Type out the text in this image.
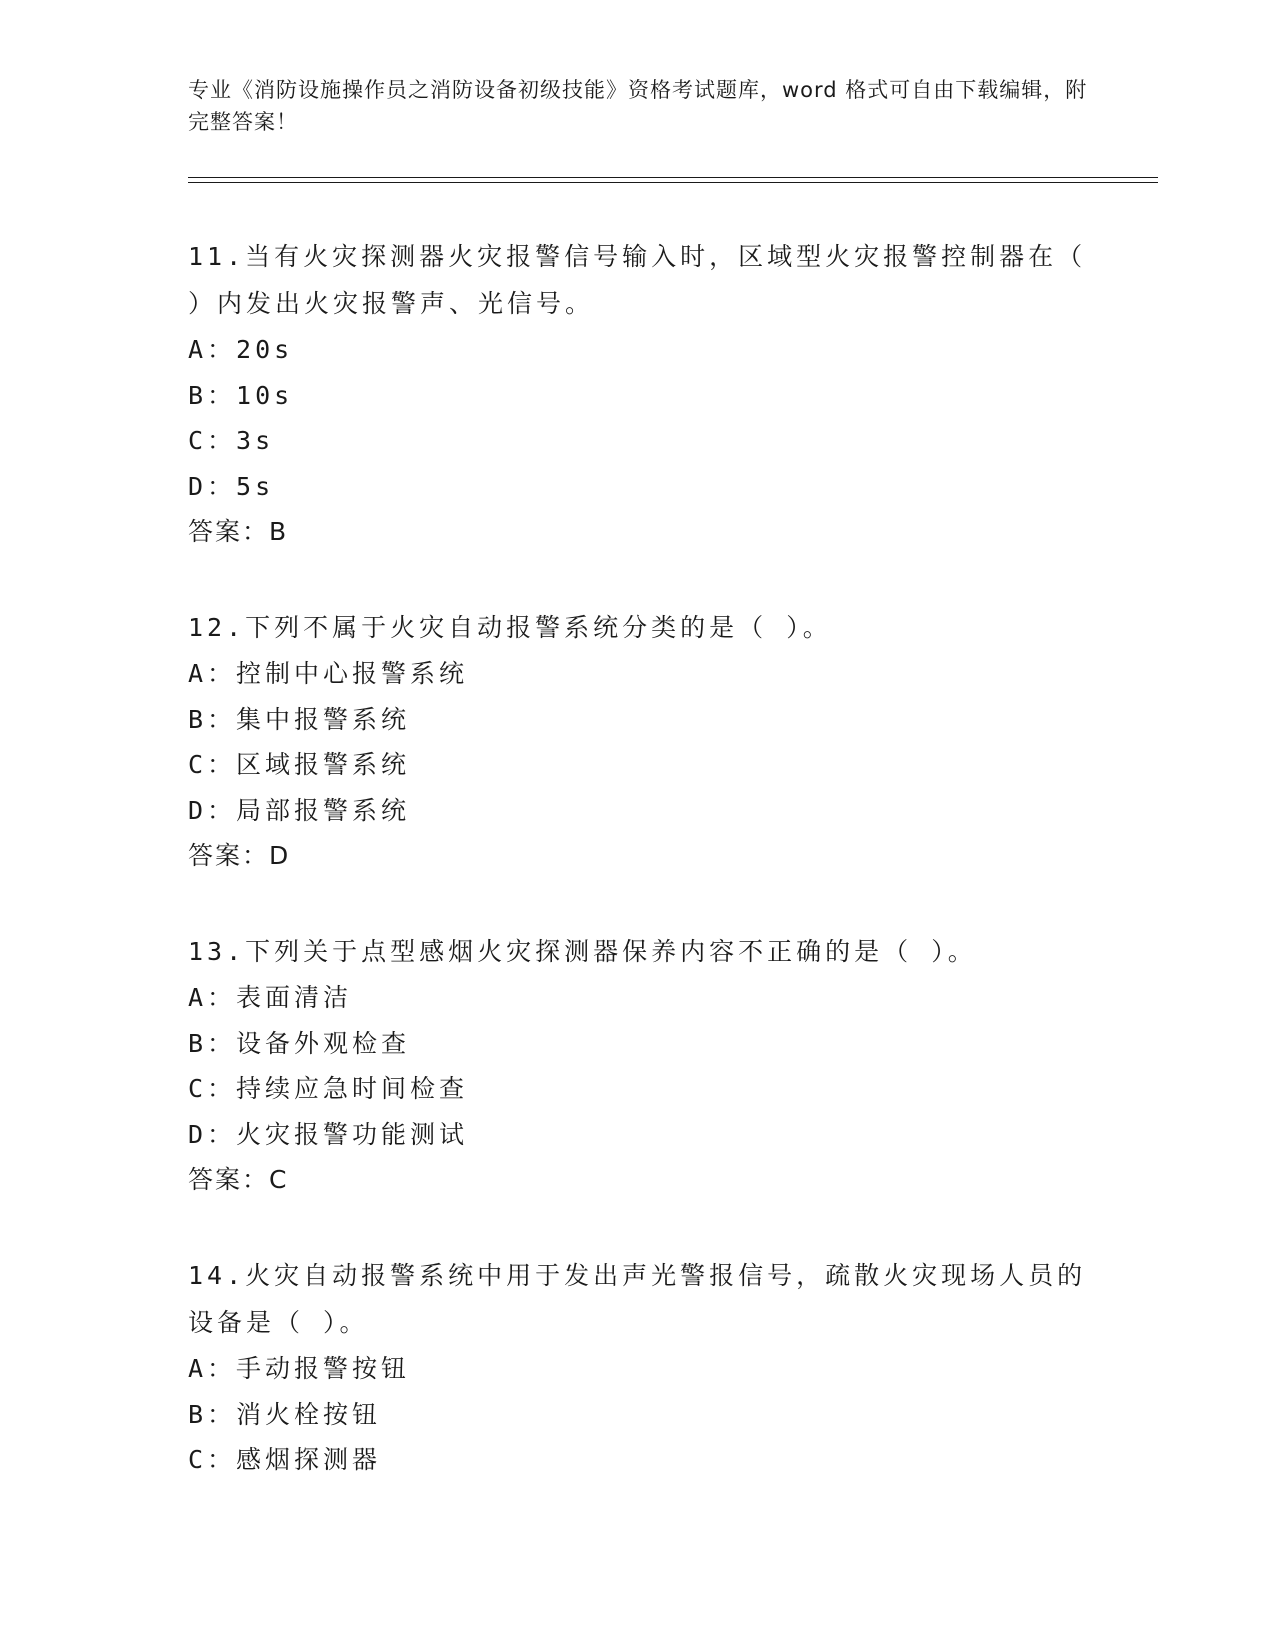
专业《消防设施操作员之消防设备初级技能》资格考试题库，word 格式可自由下载编辑，附完整答案！
11.当有火灾探测器火灾报警信号输入时，区域型火灾报警控制器在（ ）内发出火灾报警声、光信号。
A：20s
B：10s
C：3s
D：5s
答案：B
12.下列不属于火灾自动报警系统分类的是（ ）。
A：控制中心报警系统
B：集中报警系统
C：区域报警系统
D：局部报警系统
答案：D
13.下列关于点型感烟火灾探测器保养内容不正确的是（ ）。
A：表面清洁
B：设备外观检查
C：持续应急时间检查
D：火灾报警功能测试
答案：C
14.火灾自动报警系统中用于发出声光警报信号，疏散火灾现场人员的设备是（ ）。
A：手动报警按钮
B：消火栓按钮
C：感烟探测器
